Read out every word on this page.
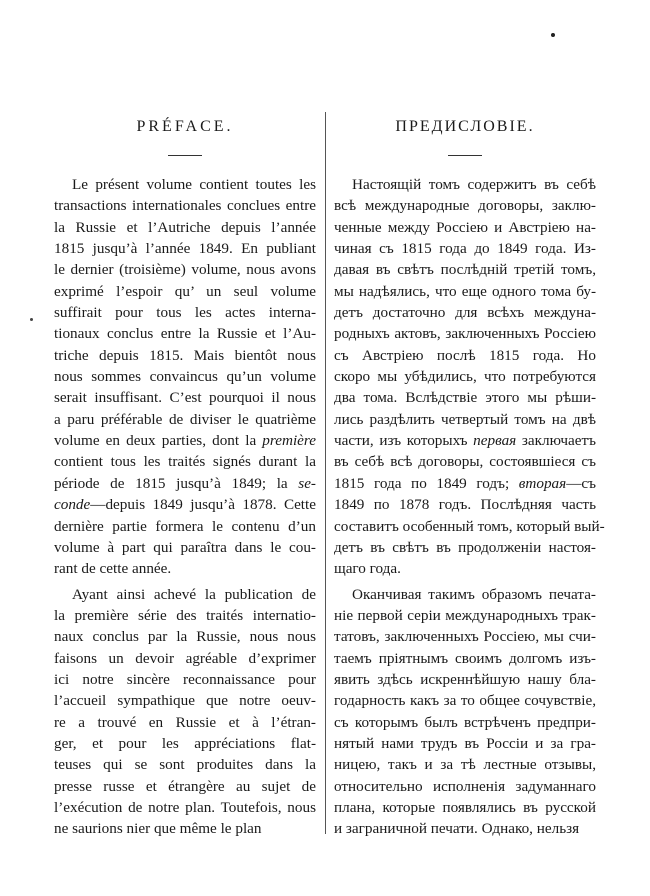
PRÉFACE.	ПРЕДИСЛОВІЕ.
Le présent volume contient toutes les
transactions internationales conclues entre
la Russie et l’Autriche depuis l’année
1815 jusqu’à l’année 1849. En publiant
le dernier (troisième) volume, nous avons
exprimé l’espoir qu’ un seul volume
suffirait pour tous les actes interna-
tionaux conclus entre la Russie et l’Au-
triche depuis 1815. Mais bientôt nous
nous sommes convaincus qu’un volume
serait insuffisant. C’est pourquoi il nous
a paru préférable de diviser le quatrième
volume en deux parties, dont la première
contient tous les traités signés durant la
période de 1815 jusqu’à 1849; la se-
conde—depuis 1849 jusqu’à 1878. Cette
dernière partie formera le contenu d’un
volume à part qui paraîtra dans le cou-
rant de cette année.
Ayant ainsi achevé la publication de
la première série des traités internatio-
naux conclus par la Russie, nous nous
faisons un devoir agréable d’exprimer
ici notre sincère reconnaissance pour
l’accueil sympathique que notre oeuv-
re a trouvé en Russie et à l’étran-
ger, et pour les appréciations flat-
teuses qui se sont produites dans la
presse russe et étrangère au sujet de
l’exécution de notre plan. Toutefois, nous
ne saurions nier que même le plan
Настоящій томъ содержитъ въ себѣ
всѣ международные договоры, заклю-
ченные между Россіею и Австріею на-
чиная съ 1815 года до 1849 года. Из-
давая въ свѣтъ послѣдній третій томъ,
мы надѣялись, что еще одного тома бу-
детъ достаточно для всѣхъ междуна-
родныхъ актовъ, заключенныхъ Россіею
съ Австріею послѣ 1815 года. Но
скоро мы убѣдились, что потребуются
два тома. Вслѣдствіе этого мы рѣши-
лись раздѣлить четвертый томъ на двѣ
части, изъ которыхъ первая заключаетъ
въ себѣ всѣ договоры, состоявшіеся съ
1815 года по 1849 годъ; вторая—съ
1849 по 1878 годъ. Послѣдняя часть
составитъ особенный томъ, который вый-
детъ въ свѣтъ въ продолженіи настоя-
щаго года.
Оканчивая такимъ образомъ печата-
ніе первой серіи международныхъ трак-
татовъ, заключенныхъ Россіею, мы счи-
таемъ пріятнымъ своимъ долгомъ изъ-
явить здѣсь искреннѣйшую нашу бла-
годарность какъ за то общее сочувствіе,
съ которымъ былъ встрѣченъ предпри-
нятый нами трудъ въ Россіи и за гра-
ницею, такъ и за тѣ лестные отзывы,
относительно исполненія задуманнаго
плана, которые появлялись въ русской
и заграничной печати. Однако, нельзя
